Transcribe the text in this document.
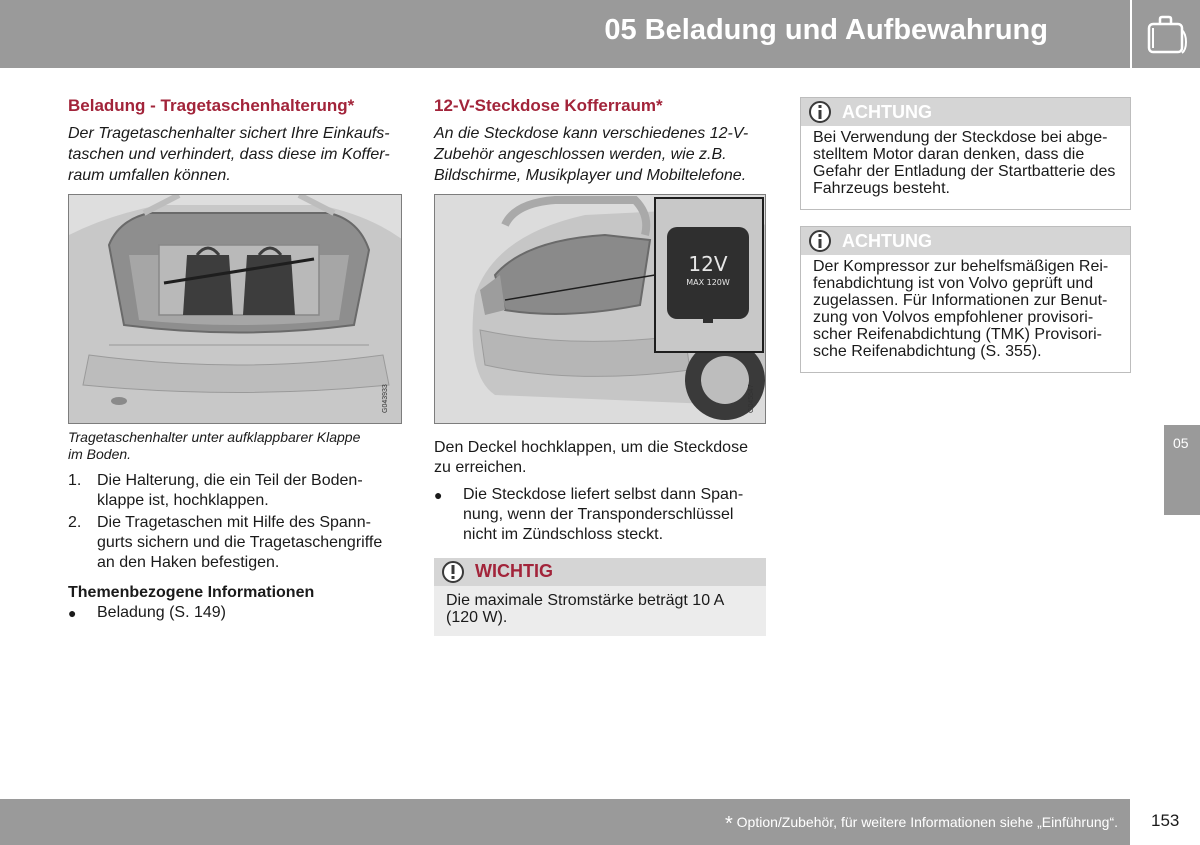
05 Beladung und Aufbewahrung
Beladung - Tragetaschenhalterung*
Der Tragetaschenhalter sichert Ihre Einkaufs-
taschen und verhindert, dass diese im Koffer-
raum umfallen können.
G043933
Tragetaschenhalter unter aufklappbarer Klappe
im Boden.
1. Die Halterung, die ein Teil der Boden-
klappe ist, hochklappen.
2. Die Tragetaschen mit Hilfe des Spann-
gurts sichern und die Tragetaschengriffe
an den Haken befestigen.
Themenbezogene Informationen
●	Beladung (S. 149)
12-V-Steckdose Kofferraum*
An die Steckdose kann verschiedenes 12-V-
Zubehör angeschlossen werden, wie z.B.
Bildschirme, Musikplayer und Mobiltelefone.
12V
MAX 120W
G045547
Den Deckel hochklappen, um die Steckdose
zu erreichen.
●	Die Steckdose liefert selbst dann Span-
nung, wenn der Transponderschlüssel
nicht im Zündschloss steckt.
WICHTIG
Die maximale Stromstärke beträgt 10 A
(120 W).
ACHTUNG
Bei Verwendung der Steckdose bei abge-
stelltem Motor daran denken, dass die
Gefahr der Entladung der Startbatterie des
Fahrzeugs besteht.
ACHTUNG
Der Kompressor zur behelfsmäßigen Rei-
fenabdichtung ist von Volvo geprüft und
zugelassen. Für Informationen zur Benut-
zung von Volvos empfohlener provisori-
scher Reifenabdichtung (TMK) Provisori-
sche Reifenabdichtung (S. 355).
05
* Option/Zubehör, für weitere Informationen siehe „Einführung“. 153
